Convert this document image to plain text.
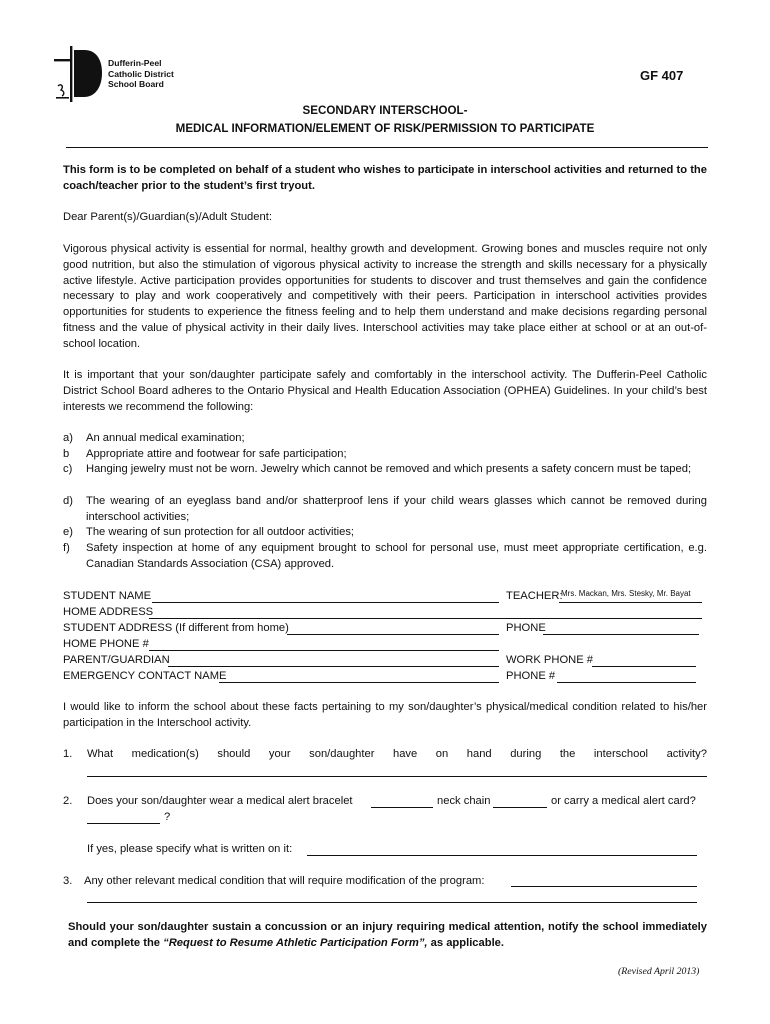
Dufferin-Peel
Catholic District
School Board
GF 407
SECONDARY INTERSCHOOL-
MEDICAL INFORMATION/ELEMENT OF RISK/PERMISSION TO PARTICIPATE
This form is to be completed on behalf of a student who wishes to participate in interschool activities and returned to the coach/teacher prior to the student’s first tryout.
Dear Parent(s)/Guardian(s)/Adult Student:
Vigorous physical activity is essential for normal, healthy growth and development. Growing bones and muscles require not only good nutrition, but also the stimulation of vigorous physical activity to increase the strength and skills necessary for a physically active lifestyle. Active participation provides opportunities for students to discover and trust themselves and gain the confidence necessary to play and work cooperatively and competitively with their peers. Participation in interschool activities provides opportunities for students to experience the fitness feeling and to help them understand and make decisions regarding personal fitness and the value of physical activity in their daily lives. Interschool activities may take place either at school or at an out-of-school location.
It is important that your son/daughter participate safely and comfortably in the interschool activity. The Dufferin-Peel Catholic District School Board adheres to the Ontario Physical and Health Education Association (OPHEA) Guidelines. In your child’s best interests we recommend the following:
a)	An annual medical examination;
b	Appropriate attire and footwear for safe participation;
c)	Hanging jewelry must not be worn. Jewelry which cannot be removed and which presents a safety concern must be taped;
d)	The wearing of an eyeglass band and/or shatterproof lens if your child wears glasses which cannot be removed during interschool activities;
e)	The wearing of sun protection for all outdoor activities;
f)	Safety inspection at home of any equipment brought to school for personal use, must meet appropriate certification, e.g. Canadian Standards Association (CSA) approved.
STUDENT NAME	TEACHER:
Mrs. Mackan, Mrs. Stesky, Mr. Bayat
HOME ADDRESS
STUDENT ADDRESS (If different from home)	PHONE
HOME PHONE #
PARENT/GUARDIAN	WORK PHONE #
EMERGENCY CONTACT NAME	PHONE #
I would like to inform the school about these facts pertaining to my son/daughter’s physical/medical condition related to his/her participation in the Interschool activity.
1. What medication(s) should your son/daughter have on hand during the interschool activity?
2. Does your son/daughter wear a medical alert bracelet	neck chain	or carry a medical alert card?
?
If yes, please specify what is written on it:
3. Any other relevant medical condition that will require modification of the program:
Should your son/daughter sustain a concussion or an injury requiring medical attention, notify the school immediately and complete the “Request to Resume Athletic Participation Form”, as applicable.
(Revised April 2013)
